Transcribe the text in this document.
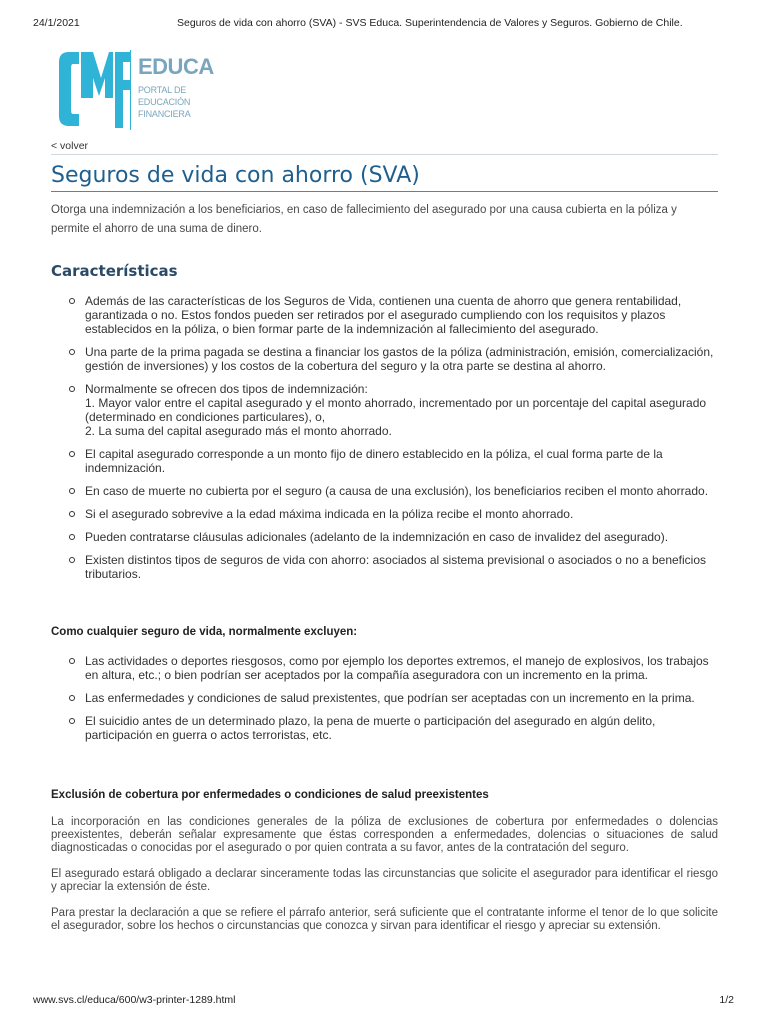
24/1/2021	Seguros de vida con ahorro (SVA) - SVS Educa. Superintendencia de Valores y Seguros. Gobierno de Chile.
EDUCA
PORTAL DE EDUCACIÓN
FINANCIERA
< volver
Seguros de vida con ahorro (SVA)

Otorga una indemnización a los beneficiarios, en caso de fallecimiento del asegurado por una causa cubierta en la póliza y permite el ahorro de una suma de dinero.

Características
Además de las características de los Seguros de Vida, contienen una cuenta de ahorro que genera rentabilidad, garantizada o no. Estos fondos pueden ser retirados por el asegurado cumpliendo con los requisitos y plazos establecidos en la póliza, o bien formar parte de la indemnización al fallecimiento del asegurado.
Una parte de la prima pagada se destina a financiar los gastos de la póliza (administración, emisión, comercialización, gestión de inversiones) y los costos de la cobertura del seguro y la otra parte se destina al ahorro.
Normalmente se ofrecen dos tipos de indemnización:
1. Mayor valor entre el capital asegurado y el monto ahorrado, incrementado por un porcentaje del capital asegurado (determinado en condiciones particulares), o,
2. La suma del capital asegurado más el monto ahorrado.
El capital asegurado corresponde a un monto fijo de dinero establecido en la póliza, el cual forma parte de la indemnización.
En caso de muerte no cubierta por el seguro (a causa de una exclusión), los beneficiarios reciben el monto ahorrado.
Si el asegurado sobrevive a la edad máxima indicada en la póliza recibe el monto ahorrado.
Pueden contratarse cláusulas adicionales (adelanto de la indemnización en caso de invalidez del asegurado).
Existen distintos tipos de seguros de vida con ahorro: asociados al sistema previsional o asociados o no a beneficios tributarios.
Como cualquier seguro de vida, normalmente excluyen:
Las actividades o deportes riesgosos, como por ejemplo los deportes extremos, el manejo de explosivos, los trabajos en altura, etc.; o bien podrían ser aceptados por la compañía aseguradora con un incremento en la prima.
Las enfermedades y condiciones de salud prexistentes, que podrían ser aceptadas con un incremento en la prima.
El suicidio antes de un determinado plazo, la pena de muerte o participación del asegurado en algún delito, participación en guerra o actos terroristas, etc.
Exclusión de cobertura por enfermedades o condiciones de salud preexistentes

La incorporación en las condiciones generales de la póliza de exclusiones de cobertura por enfermedades o dolencias preexistentes, deberán señalar expresamente que éstas corresponden a enfermedades, dolencias o situaciones de salud diagnosticadas o conocidas por el asegurado o por quien contrata a su favor, antes de la contratación del seguro.

El asegurado estará obligado a declarar sinceramente todas las circunstancias que solicite el asegurador para identificar el riesgo y apreciar la extensión de éste.

Para prestar la declaración a que se refiere el párrafo anterior, será suficiente que el contratante informe el tenor de lo que solicite el asegurador, sobre los hechos o circunstancias que conozca y sirvan para identificar el riesgo y apreciar su extensión.

www.svs.cl/educa/600/w3-printer-1289.html	1/2
